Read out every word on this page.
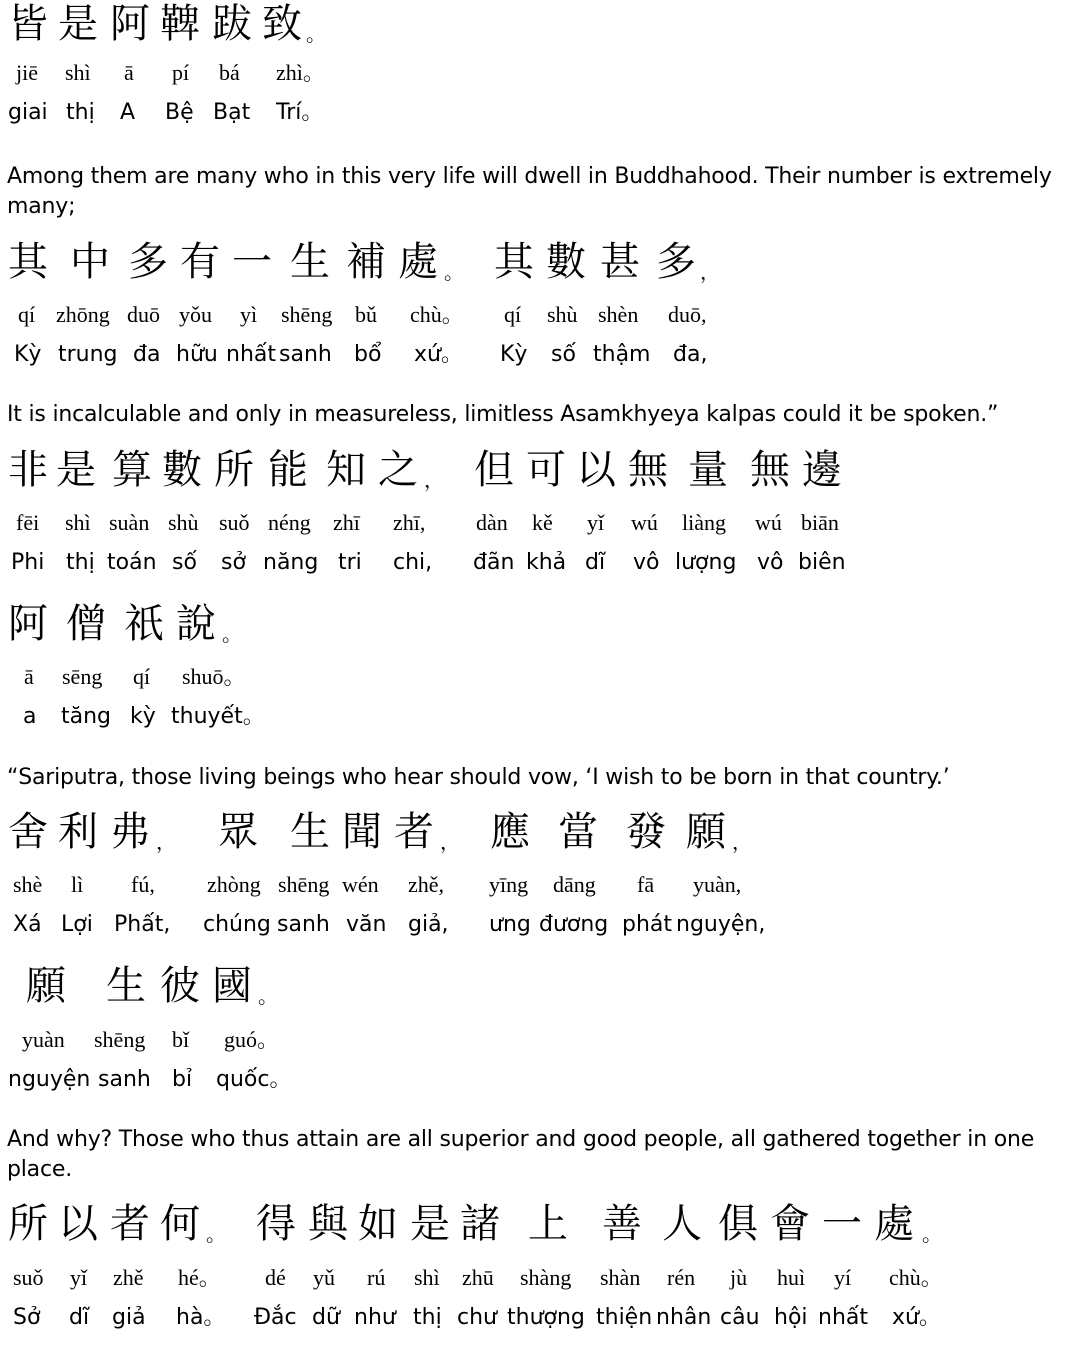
皆 是 阿 鞞 跋 致 。
jiē shì ā pí bá zhì。
giai thị A Bệ Bạt Trí。
Among them are many who in this very life will dwell in Buddhahood. Their number is extremely many;
其 中 多 有 一 生 補 處 。 其 數 甚 多 ，
qí zhōng duō yǒu yì shēng bǔ chù。 qí shù shèn duō,
Kỳ trung đa hữu nhất sanh bổ xứ。 Kỳ số thậm đa,
It is incalculable and only in measureless, limitless Asamkhyeya kalpas could it be spoken.”
非 是 算 數 所 能 知 之 ， 但 可 以 無 量 無 邊
fēi shì suàn shù suǒ néng zhī zhī, dàn kě yǐ wú liàng wú biān
Phi thị toán số sở năng tri chi, đãn khả dĩ vô lượng vô biên
阿 僧 祇 說 。
ā sēng qí shuō。
a tăng kỳ thuyết。
“Sariputra, those living beings who hear should vow, ‘I wish to be born in that country.’
舍 利 弗 ， 眾 生 聞 者 ， 應 當 發 願 ，
shè lì fú, zhòng shēng wén zhě, yīng dāng fā yuàn,
Xá Lợi Phất, chúng sanh văn giả, ưng đương phát nguyện,
願 生 彼 國 。
yuàn shēng bǐ guó。
nguyện sanh bỉ quốc。
And why? Those who thus attain are all superior and good people, all gathered together in one place.
所 以 者 何 。 得 與 如 是 諸 上 善 人 俱 會 一 處 。
suǒ yǐ zhě hé。 dé yǔ rú shì zhū shàng shàn rén jù huì yí chù。
Sở dĩ giả hà。 Đắc dữ như thị chư thượng thiện nhân câu hội nhất xứ。
